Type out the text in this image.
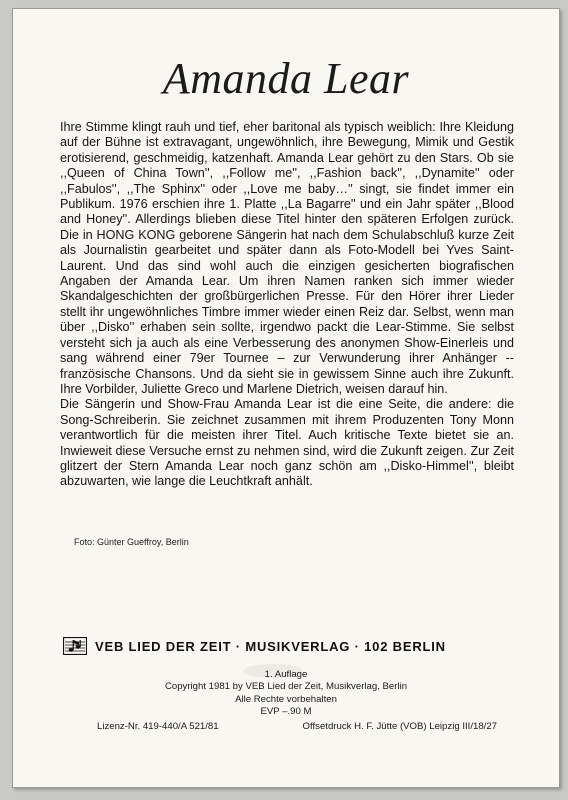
Amanda Lear

Ihre Stimme klingt rauh und tief, eher baritonal als typisch weiblich: Ihre Kleidung auf der Bühne ist extravagant, ungewöhnlich, ihre Bewegung, Mimik und Gestik erotisierend, geschmeidig, katzenhaft. Amanda Lear gehört zu den Stars. Ob sie ,,Queen of China Town'', ,,Follow me'', ,,Fashion back'', ,,Dynamite'' oder ,,Fabulos'', ,,The Sphinx'' oder ,,Love me baby…'' singt, sie findet immer ein Publikum. 1976 erschien ihre 1. Platte ,,La Bagarre'' und ein Jahr später ,,Blood and Honey''. Allerdings blieben diese Titel hinter den späteren Erfolgen zurück. Die in HONG KONG geborene Sängerin hat nach dem Schulabschluß kurze Zeit als Journalistin gearbeitet und später dann als Foto-Modell bei Yves Saint-Laurent. Und das sind wohl auch die einzigen gesicherten biografischen Angaben der Amanda Lear. Um ihren Namen ranken sich immer wieder Skandalgeschichten der großbürgerlichen Presse. Für den Hörer ihrer Lieder stellt ihr ungewöhnliches Timbre immer wieder einen Reiz dar. Selbst, wenn man über ,,Disko'' erhaben sein sollte, irgendwo packt die Lear-Stimme. Sie selbst versteht sich ja auch als eine Verbesserung des anonymen Show-Einerleis und sang während einer 79er Tournee – zur Verwunderung ihrer Anhänger -- französische Chansons. Und da sieht sie in gewissem Sinne auch ihre Zukunft. Ihre Vorbilder, Juliette Greco und Marlene Dietrich, weisen darauf hin.

Die Sängerin und Show-Frau Amanda Lear ist die eine Seite, die andere: die Song-Schreiberin. Sie zeichnet zusammen mit ihrem Produzenten Tony Monn verantwortlich für die meisten ihrer Titel. Auch kritische Texte bietet sie an. Inwieweit diese Versuche ernst zu nehmen sind, wird die Zukunft zeigen. Zur Zeit glitzert der Stern Amanda Lear noch ganz schön am ,,Disko-Himmel'', bleibt abzuwarten, wie lange die Leuchtkraft anhält.

Foto: Günter Gueffroy, Berlin
VEB LIED DER ZEIT · MUSIKVERLAG · 102 BERLIN
1. Auflage
Copyright 1981 by VEB Lied der Zeit, Musikverlag, Berlin
Alle Rechte vorbehalten
EVP –.90 M
Lizenz-Nr. 419-440/A 521/81	Offsetdruck H. F. Jütte (VOB) Leipzig III/18/27
